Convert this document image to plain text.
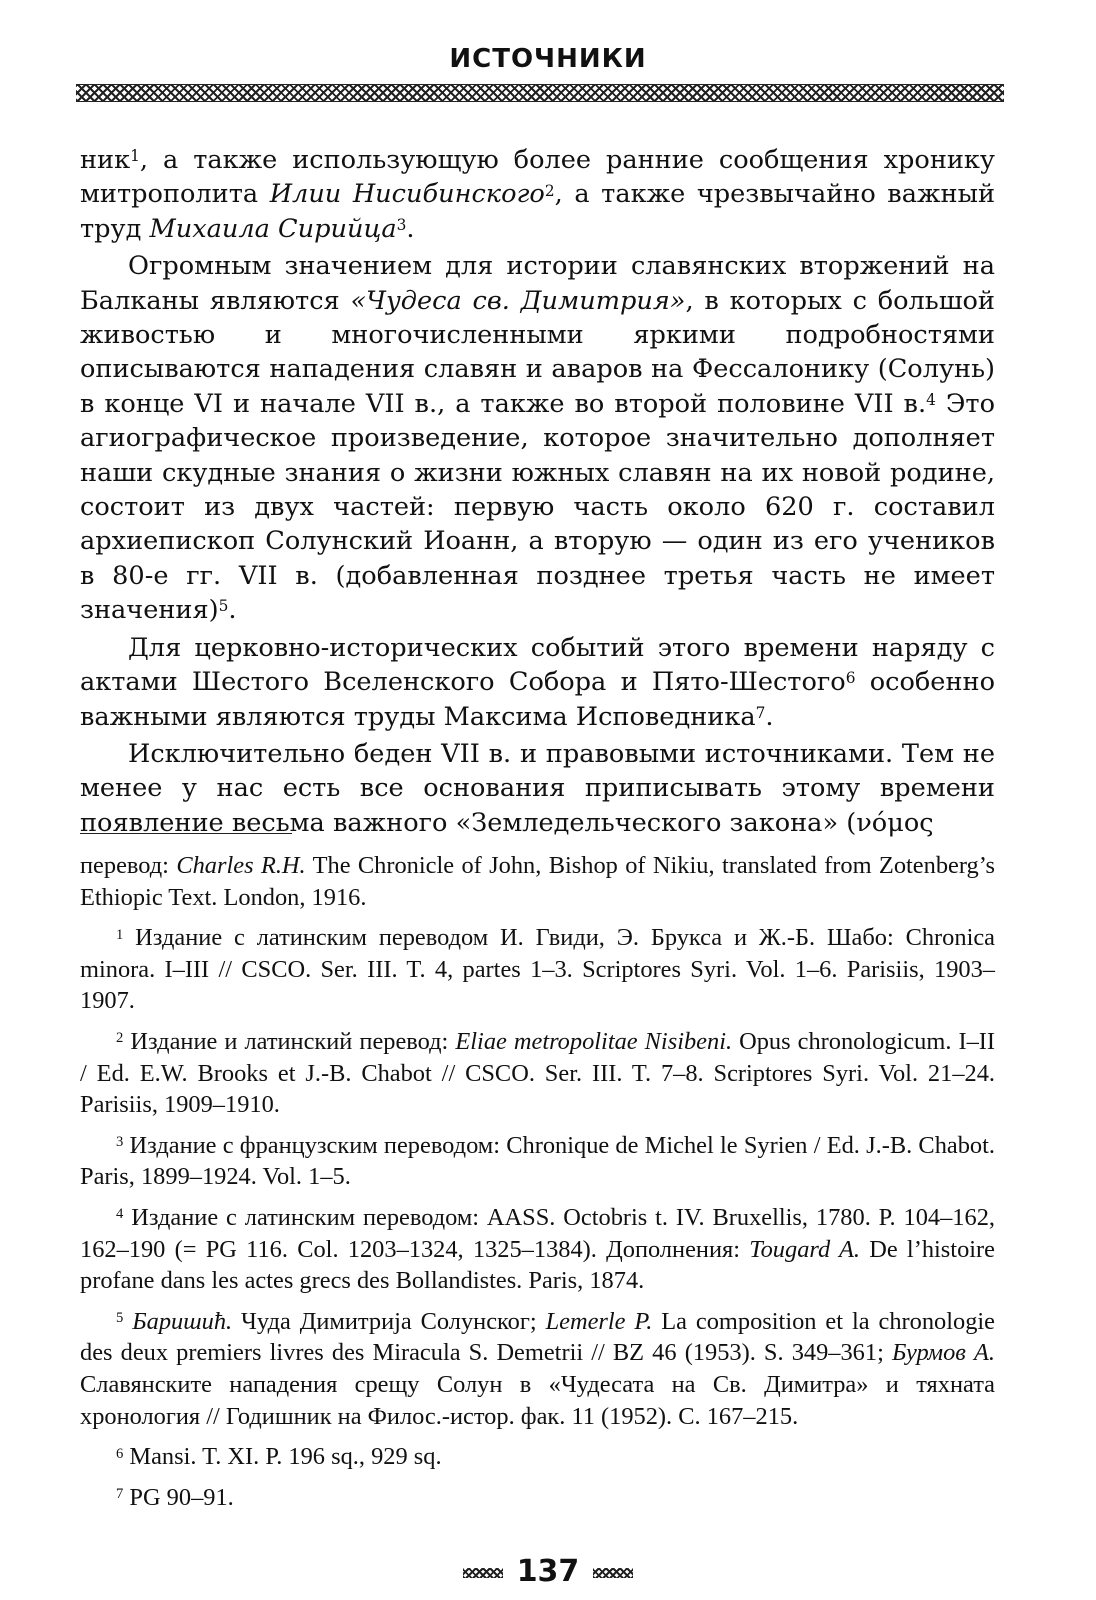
ИСТОЧНИКИ

ник$^1$, а также использующую более ранние сообщения хронику митрополита Илии Нисибинского$^2$, а также чрезвычайно важный труд Михаила Сирийца$^3$.

Огромным значением для истории славянских вторжений на Балканы являются «Чудеса св. Димитрия», в которых с большой живостью и многочисленными яркими подробностями описываются нападения славян и аваров на Фессалонику (Солунь) в конце VI и начале VII в., а также во второй половине VII в.$^4$ Это агиографическое произведение, которое значительно дополняет наши скудные знания о жизни южных славян на их новой родине, состоит из двух частей: первую часть около 620 г. составил архиепископ Солунский Иоанн, а вторую — один из его учеников в 80-е гг. VII в. (добавленная позднее третья часть не имеет значения)$^5$.

Для церковно-исторических событий этого времени наряду с актами Шестого Вселенского Собора и Пято-Шестого$^6$ особенно важными являются труды Максима Исповедника$^7$.

Исключительно беден VII в. и правовыми источниками. Тем не менее у нас есть все основания приписывать этому времени появление весьма важного «Земледельческого закона» (νόμος

перевод: Charles R.H. The Chronicle of John, Bishop of Nikiu, translated from Zotenberg’s Ethiopic Text. London, 1916.

$^1$ Издание с латинским переводом И. Гвиди, Э. Брукса и Ж.-Б. Шабо: Chronica minora. I–III // CSCO. Ser. III. T. 4, partes 1–3. Scriptores Syri. Vol. 1–6. Parisiis, 1903–1907.

$^2$ Издание и латинский перевод: Eliae metropolitae Nisibeni. Opus chronologicum. I–II / Ed. E.W. Brooks et J.-B. Chabot // CSCO. Ser. III. T. 7–8. Scriptores Syri. Vol. 21–24. Parisiis, 1909–1910.

$^3$ Издание с французским переводом: Chronique de Michel le Syrien / Ed. J.-B. Chabot. Paris, 1899–1924. Vol. 1–5.

$^4$ Издание с латинским переводом: AASS. Octobris t. IV. Bruxellis, 1780. P. 104–162, 162–190 (= PG 116. Col. 1203–1324, 1325–1384). Дополнения: Tougard A. De l’histoire profane dans les actes grecs des Bollandistes. Paris, 1874.

$^5$ Баришић. Чуда Димитриjа Солунског; Lemerle P. La composition et la chronologie des deux premiers livres des Miracula S. Demetrii // BZ 46 (1953). S. 349–361; Бурмов А. Славянските нападения срещу Солун в «Чудесата на Св. Димитра» и тяхната хронология // Годишник на Филос.-истор. фак. 11 (1952). С. 167–215.

$^6$ Mansi. T. XI. P. 196 sq., 929 sq.

$^7$ PG 90–91.

137
